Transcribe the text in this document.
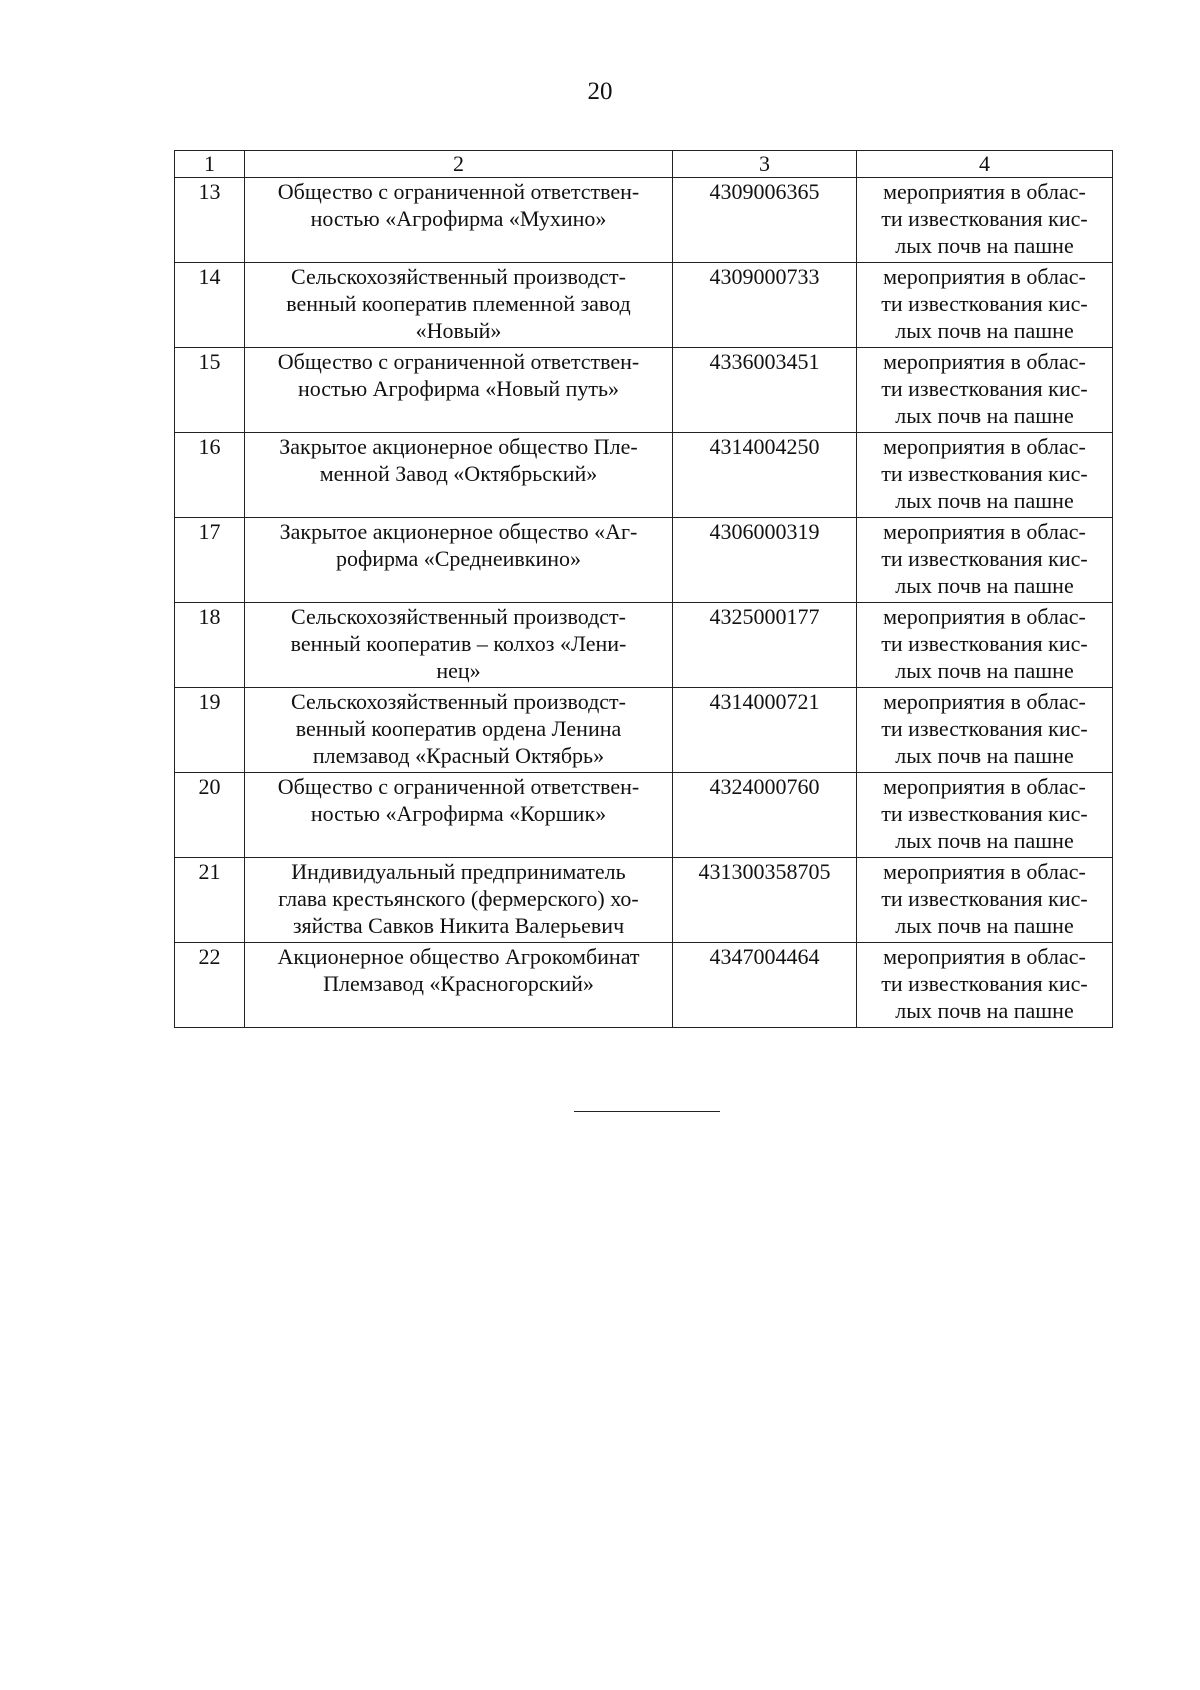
20
1	2	3	4
13	Общество с ограниченной ответствен-
ностью «Агрофирма «Мухино»	4309006365	мероприятия в облас-
ти известкования кис-
лых почв на пашне

14	Сельскохозяйственный производст-
венный кооператив племенной завод
«Новый»	4309000733	мероприятия в облас-
ти известкования кис-
лых почв на пашне

15	Общество с ограниченной ответствен-
ностью Агрофирма «Новый путь»	4336003451	мероприятия в облас-
ти известкования кис-
лых почв на пашне

16	Закрытое акционерное общество Пле-
менной Завод «Октябрьский»	4314004250	мероприятия в облас-
ти известкования кис-
лых почв на пашне

17	Закрытое акционерное общество «Аг-
рофирма «Среднеивкино»	4306000319	мероприятия в облас-
ти известкования кис-
лых почв на пашне

18	Сельскохозяйственный производст-
венный кооператив – колхоз «Лени-
нец»	4325000177	мероприятия в облас-
ти известкования кис-
лых почв на пашне

19	Сельскохозяйственный производст-
венный кооператив ордена Ленина
племзавод «Красный Октябрь»	4314000721	мероприятия в облас-
ти известкования кис-
лых почв на пашне

20	Общество с ограниченной ответствен-
ностью «Агрофирма «Коршик»	4324000760	мероприятия в облас-
ти известкования кис-
лых почв на пашне

21	Индивидуальный предприниматель
глава крестьянского (фермерского) хо-
зяйства Савков Никита Валерьевич	431300358705	мероприятия в облас-
ти известкования кис-
лых почв на пашне

22	Акционерное общество Агрокомбинат
Племзавод «Красногорский»	4347004464	мероприятия в облас-
ти известкования кис-
лых почв на пашне
